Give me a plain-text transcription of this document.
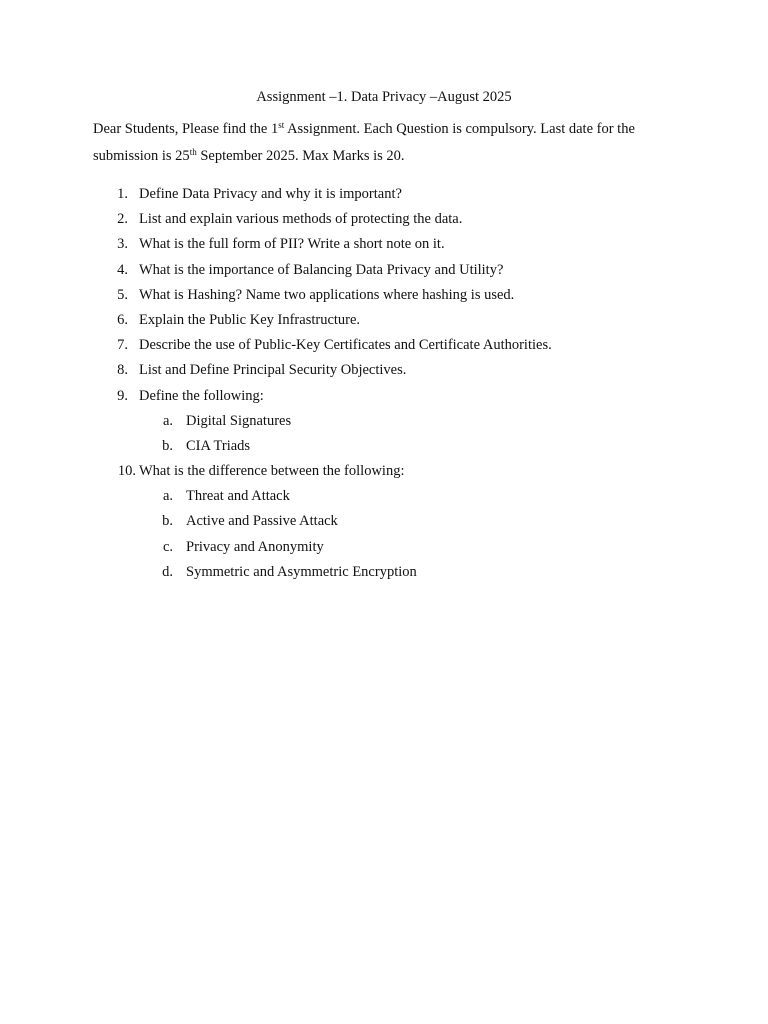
Assignment –1. Data Privacy –August 2025
Dear Students, Please find the 1st Assignment. Each Question is compulsory. Last date for the submission is 25th September 2025. Max Marks is 20.
1. Define Data Privacy and why it is important?
2. List and explain various methods of protecting the data.
3. What is the full form of PII? Write a short note on it.
4. What is the importance of Balancing Data Privacy and Utility?
5. What is Hashing? Name two applications where hashing is used.
6. Explain the Public Key Infrastructure.
7. Describe the use of Public-Key Certificates and Certificate Authorities.
8. List and Define Principal Security Objectives.
9. Define the following:
a. Digital Signatures
b. CIA Triads
10. What is the difference between the following:
a. Threat and Attack
b. Active and Passive Attack
c. Privacy and Anonymity
d. Symmetric and Asymmetric Encryption
